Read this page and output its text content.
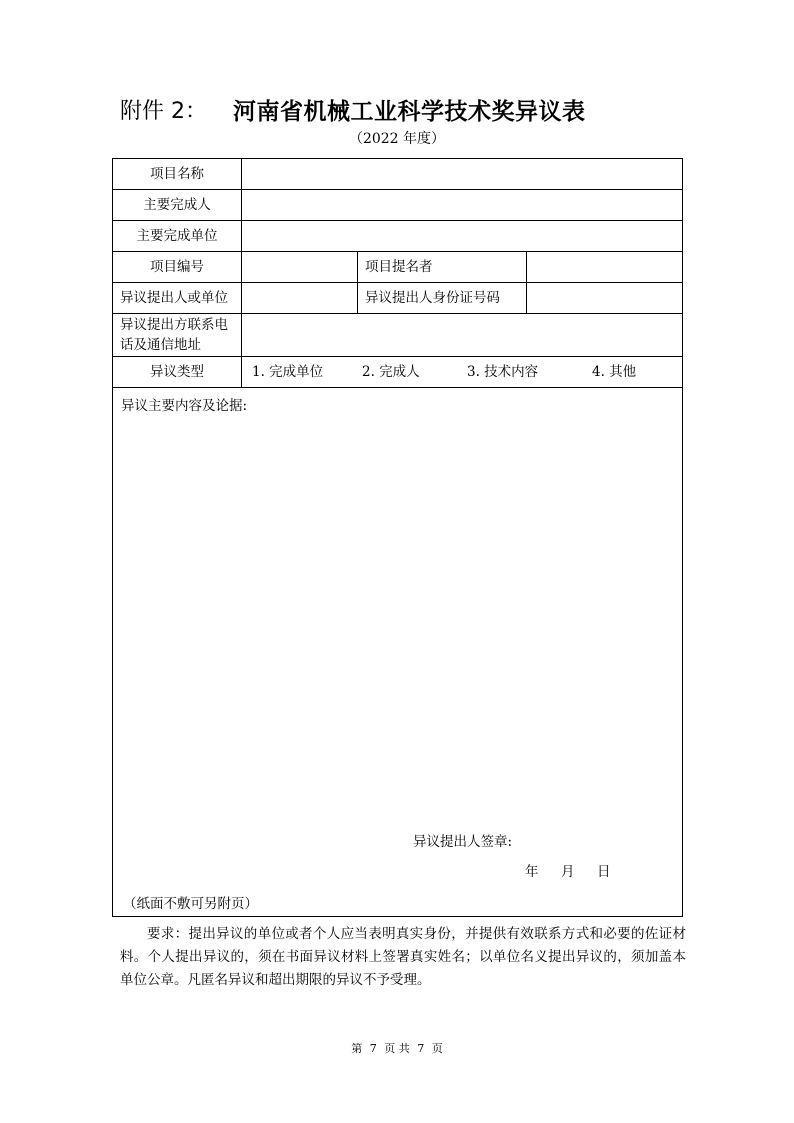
附件 2： 河南省机械工业科学技术奖异议表
（2022 年度）
项目名称			
主要完成人			
主要完成单位			
项目编号		项目提名者	
异议提出人或单位		异议提出人身份证号码	
异议提出方联系电话及通信地址			
异议类型	1. 完成单位 2. 完成人 3. 技术内容 4. 其他		

异议主要内容及论据:
异议提出人签章:
年 月 日
（纸面不敷可另附页）			
要求：提出异议的单位或者个人应当表明真实身份，并提供有效联系方式和必要的佐证材料。个人提出异议的，须在书面异议材料上签署真实姓名；以单位名义提出异议的，须加盖本单位公章。凡匿名异议和超出期限的异议不予受理。
第 7 页 共 7 页
